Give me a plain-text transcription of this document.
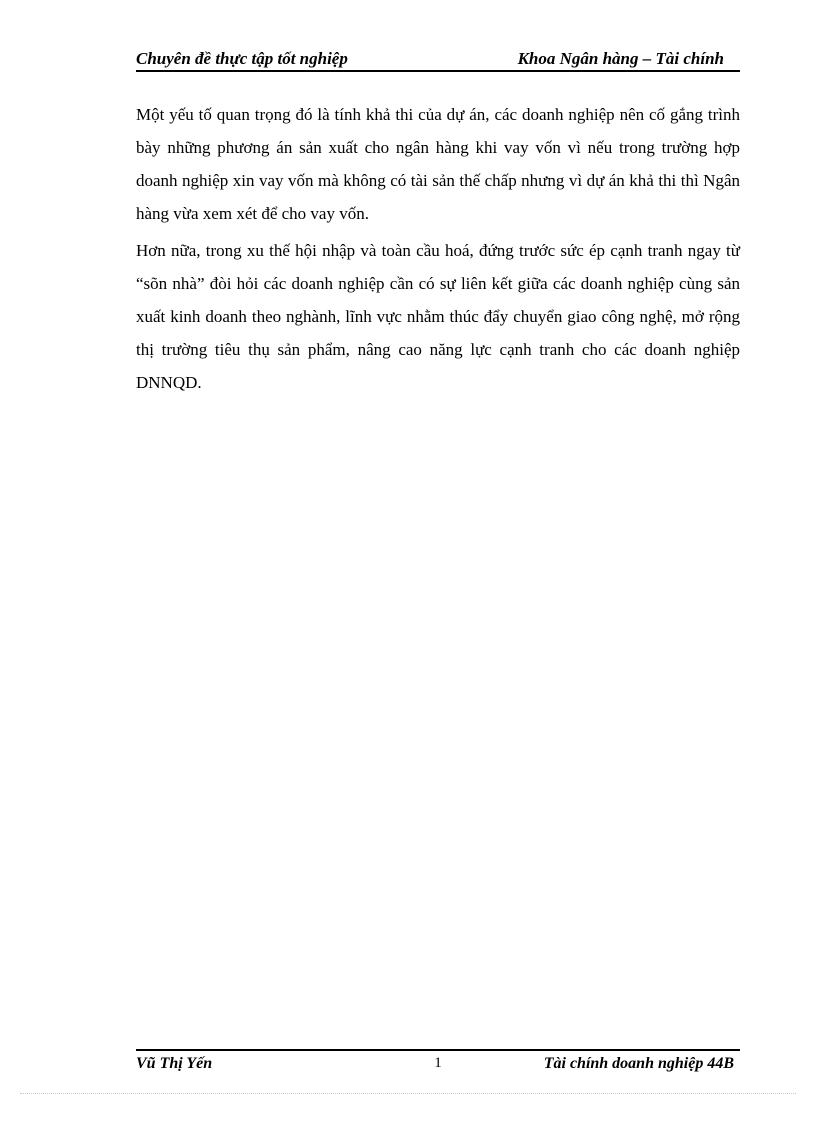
Chuyên đề thực tập tốt nghiệp	Khoa Ngân hàng – Tài chính

Một yếu tố quan trọng đó là tính khả thi của dự án, các doanh nghiệp nên cố gắng trình bày những phương án sản xuất cho ngân hàng khi vay vốn vì nếu trong trường hợp doanh nghiệp xin vay vốn mà không có tài sản thế chấp nhưng vì dự án khả thi thì Ngân hàng vừa xem xét để cho vay vốn.

Hơn nữa, trong xu thế hội nhập và toàn cầu hoá, đứng trước sức ép cạnh tranh ngay từ “sõn nhà” đòi hỏi các doanh nghiệp cần có sự liên kết giữa các doanh nghiệp cùng sản xuất kinh doanh theo nghành, lĩnh vực nhằm thúc đẩy chuyển giao công nghệ, mở rộng thị trường tiêu thụ sản phẩm, nâng cao năng lực cạnh tranh cho các doanh nghiệp DNNQD.

Vũ Thị Yến	1	Tài chính doanh nghiệp 44B
